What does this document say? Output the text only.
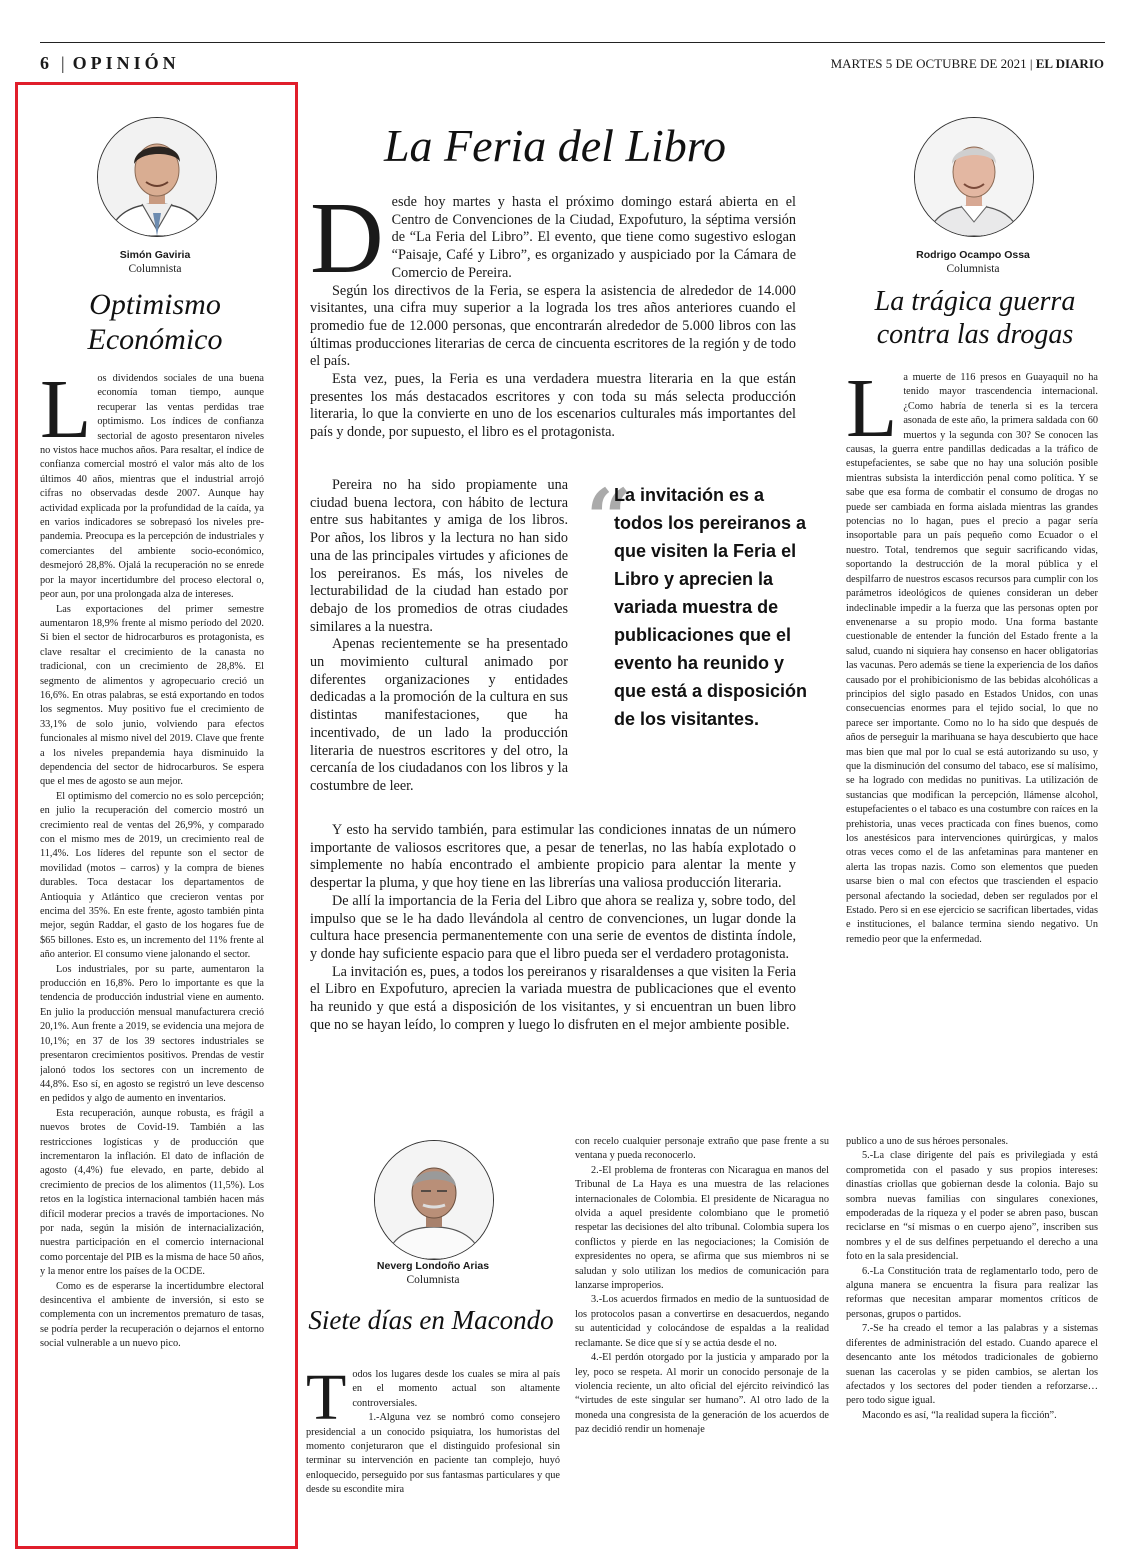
6 | OPINIÓN	MARTES 5 DE OCTUBRE DE 2021 | EL DIARIO
Simón Gaviria
Columnista
Optimismo
Económico
L os dividendos sociales de una buena economía toman tiempo, aunque recuperar las ventas perdidas trae optimismo. Los índices de confianza sectorial de agosto presentaron niveles no vistos hace muchos años. Para resaltar, el índice de confianza comercial mostró el valor más alto de los últimos 40 años, mientras que el industrial arrojó cifras no observadas desde 2007. Aunque hay actividad explicada por la profundidad de la caída, ya en varios indicadores se sobrepasó los niveles pre-pandemia. Preocupa es la percepción de industriales y comerciantes del ambiente socio-económico, desmejoró 28,8%. Ojalá la recuperación no se enrede por la mayor incertidumbre del proceso electoral o, peor aun, por una prolongada alza de intereses.

Las exportaciones del primer semestre aumentaron 18,9% frente al mismo período del 2020. Si bien el sector de hidrocarburos es protagonista, es clave resaltar el crecimiento de la canasta no tradicional, con un crecimiento de 28,8%. El segmento de alimentos y agropecuario creció un 16,6%. En otras palabras, se está exportando en todos los segmentos. Muy positivo fue el crecimiento de 33,1% de solo junio, volviendo para efectos funcionales al mismo nivel del 2019. Clave que frente a los niveles prepandemia haya disminuido la dependencia del sector de hidrocarburos. Se espera que el mes de agosto se aun mejor.

El optimismo del comercio no es solo percepción; en julio la recuperación del comercio mostró un crecimiento real de ventas del 26,9%, y comparado con el mismo mes de 2019, un crecimiento real de 11,4%. Los líderes del repunte son el sector de movilidad (motos – carros) y la compra de bienes durables. Toca destacar los departamentos de Antioquia y Atlántico que crecieron ventas por encima del 35%. En este frente, agosto también pinta mejor, según Raddar, el gasto de los hogares fue de $65 billones. Esto es, un incremento del 11% frente al año anterior. El consumo viene jalonando el sector.

Los industriales, por su parte, aumentaron la producción en 16,8%. Pero lo importante es que la tendencia de producción industrial viene en aumento. En julio la producción mensual manufacturera creció 20,1%. Aun frente a 2019, se evidencia una mejora de 10,1%; en 37 de los 39 sectores industriales se presentaron crecimientos positivos. Prendas de vestir jalonó todos los sectores con un incremento de 44,8%. Eso sí, en agosto se registró un leve descenso en pedidos y algo de aumento en inventarios.

Esta recuperación, aunque robusta, es frágil a nuevos brotes de Covid-19. También a las restricciones logísticas y de producción que incrementaron la inflación. El dato de inflación de agosto (4,4%) fue elevado, en parte, debido al crecimiento de precios de los alimentos (11,5%). Los retos en la logística internacional también hacen más difícil moderar precios a través de importaciones. No por nada, según la misión de internacialización, nuestra participación en el comercio internacional como porcentaje del PIB es la misma de hace 50 años, y la menor entre los países de la OCDE.

Como es de esperarse la incertidumbre electoral desincentiva el ambiente de inversión, si esto se complementa con un incrementos prematuro de tasas, se podría perder la recuperación o dejarnos el entorno social vulnerable a un nuevo pico.

La Feria del Libro
D esde hoy martes y hasta el próximo domingo estará abierta en el Centro de Convenciones de la Ciudad, Expofuturo, la séptima versión de “La Feria del Libro”. El evento, que tiene como sugestivo eslogan “Paisaje, Café y Libro”, es organizado y auspiciado por la Cámara de Comercio de Pereira.

Según los directivos de la Feria, se espera la asistencia de alrededor de 14.000 visitantes, una cifra muy superior a la lograda los tres años anteriores cuando el promedio fue de 12.000 personas, que encontrarán alrededor de 5.000 libros con las últimas producciones literarias de cerca de cincuenta escritores de la región y de todo el país.

Esta vez, pues, la Feria es una verdadera muestra literaria en la que están presentes los más destacados escritores y con toda su más selecta producción literaria, lo que la convierte en uno de los escenarios culturales más importantes del país y donde, por supuesto, el libro es el protagonista.

Pereira no ha sido propiamente una ciudad buena lectora, con hábito de lectura entre sus habitantes y amiga de los libros. Por años, los libros y la lectura no han sido una de las principales virtudes y aficiones de los pereiranos. Es más, los niveles de lecturabilidad de la ciudad han estado por debajo de los promedios de otras ciudades similares a la nuestra.

Apenas recientemente se ha presentado un movimiento cultural animado por diferentes organizaciones y entidades dedicadas a la promoción de la cultura en sus distintas manifestaciones, que ha incentivado, de un lado la producción literaria de nuestros escritores y del otro, la cercanía de los ciudadanos con los libros y la costumbre de leer.

“
La invitación es a todos los pereiranos a que visiten la Feria el Libro y aprecien la variada muestra de publicaciones que el evento ha reunido y que está a disposición de los visitantes.

Y esto ha servido también, para estimular las condiciones innatas de un número importante de valiosos escritores que, a pesar de tenerlas, no las había explotado o simplemente no había encontrado el ambiente propicio para alentar la mente y despertar la pluma, y que hoy tiene en las librerías una valiosa producción literaria.

De allí la importancia de la Feria del Libro que ahora se realiza y, sobre todo, del impulso que se le ha dado llevándola al centro de convenciones, un lugar donde la cultura hace presencia permanentemente con una serie de eventos de distinta índole, y donde hay suficiente espacio para que el libro pueda ser el verdadero protagonista.

La invitación es, pues, a todos los pereiranos y risaraldenses a que visiten la Feria el Libro en Expofuturo, aprecien la variada muestra de publicaciones que el evento ha reunido y que está a disposición de los visitantes, y si encuentran un buen libro que no se hayan leído, lo compren y luego lo disfruten en el mejor ambiente posible.

Rodrigo Ocampo Ossa
Columnista
La trágica guerra
contra las drogas
L a muerte de 116 presos en Guayaquil no ha tenido mayor trascendencia internacional. ¿Como habría de tenerla si es la tercera asonada de este año, la primera saldada con 60 muertos y la segunda con 30? Se conocen las causas, la guerra entre pandillas dedicadas a la tráfico de estupefacientes, se sabe que no hay una solución posible mientras subsista la interdicción penal como política. Y se sabe que esa forma de combatir el consumo de drogas no puede ser cambiada en forma aislada mientras las grandes potencias no lo hagan, pues el precio a pagar sería insoportable para un país pequeño como Ecuador o el nuestro. Total, tendremos que seguir sacrificando vidas, soportando la destrucción de la moral pública y el despilfarro de nuestros escasos recursos para cumplir con los parámetros ideológicos de quienes consideran un deber indeclinable impedir a la fuerza que las personas opten por envenenarse a su propio modo. Una forma bastante cuestionable de entender la función del Estado frente a la salud, cuando ni siquiera hay consenso en hacer obligatorias las vacunas. Pero además se tiene la experiencia de los daños causado por el prohibicionismo de las bebidas alcohólicas a principios del siglo pasado en Estados Unidos, con unas consecuencias enormes para el tejido social, lo que no parece ser importante. Como no lo ha sido que después de años de perseguir la marihuana se haya descubierto que hace mas bien que mal por lo cual se está autorizando su uso, y que la disminución del consumo del tabaco, ese sí malísimo, se ha logrado con medidas no punitivas. La utilización de sustancias que modifican la percepción, llámense alcohol, estupefacientes o el tabaco es una costumbre con raíces en la prehistoria, unas veces practicada con fines buenos, como los anestésicos para intervenciones quirúrgicas, y malos otras veces como el de las anfetaminas para mantener en alerta las tropas nazis. Como son elementos que pueden usarse bien o mal con efectos que trascienden el espacio personal afectando la sociedad, deben ser regulados por el Estado. Pero si en ese ejercicio se sacrifican libertades, vidas e instituciones, el balance termina siendo negativo. Un remedio peor que la enfermedad.

Neverg Londoño Arias
Columnista
Siete días en Macondo
T odos los lugares desde los cuales se mira al país en el momento actual son altamente controversiales.

1.-Alguna vez se nombró como consejero presidencial a un conocido psiquiatra, los humoristas del momento conjeturaron que el distinguido profesional sin terminar su intervención en paciente tan complejo, huyó enloquecido, perseguido por sus fantasmas particulares y que desde su escondite mira

con recelo cualquier personaje extraño que pase frente a su ventana y pueda reconocerlo.

2.-El problema de fronteras con Nicaragua en manos del Tribunal de La Haya es una muestra de las relaciones internacionales de Colombia. El presidente de Nicaragua no olvida a aquel presidente colombiano que le prometió respetar las decisiones del alto tribunal. Colombia supera los conflictos y pierde en las negociaciones; la Comisión de expresidentes no opera, se afirma que sus miembros ni se saludan y solo utilizan los medios de comunicación para lanzarse improperios.

3.-Los acuerdos firmados en medio de la suntuosidad de los protocolos pasan a convertirse en desacuerdos, negando su autenticidad y colocándose de espaldas a la realidad reclamante. Se dice que sí y se actúa desde el no.

4.-El perdón otorgado por la justicia y amparado por la ley, poco se respeta. Al morir un conocido personaje de la violencia reciente, un alto oficial del ejército reivindicó las “virtudes de este singular ser humano”. Al otro lado de la moneda una congresista de la generación de los acuerdos de paz decidió rendir un homenaje

publico a uno de sus héroes personales.

5.-La clase dirigente del país es privilegiada y está comprometida con el pasado y sus propios intereses: dinastías criollas que gobiernan desde la colonia. Bajo su sombra nuevas familias con singulares conexiones, empoderadas de la riqueza y el poder se abren paso, buscan reciclarse en “sí mismas o en cuerpo ajeno”, inscriben sus nombres y el de sus delfines perpetuando el derecho a una foto en la sala presidencial.

6.-La Constitución trata de reglamentarlo todo, pero de alguna manera se encuentra la fisura para realizar las reformas que necesitan amparar momentos críticos de personas, grupos o partidos.

7.-Se ha creado el temor a las palabras y a sistemas diferentes de administración del estado. Cuando aparece el desencanto ante los métodos tradicionales de gobierno suenan las cacerolas y se piden cambios, se alertan los afectados y los sectores del poder tienden a reforzarse… pero todo sigue igual.

Macondo es así, “la realidad supera la ficción”.
